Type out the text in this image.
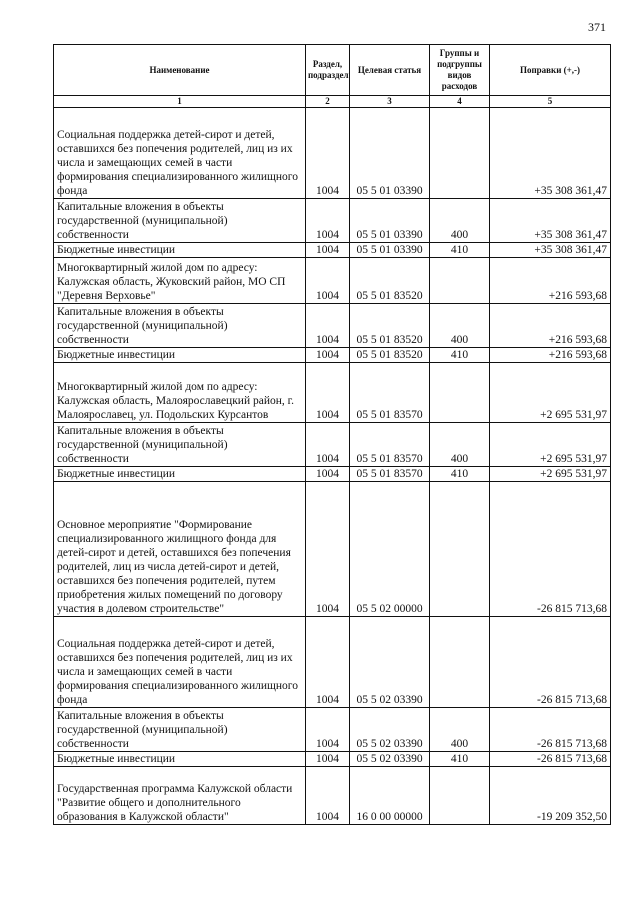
371
Наименование	Раздел, подраздел	Целевая статья	Группы и подгруппы видов расходов	Поправки (+,-)
1	2	3	4	5
Социальная поддержка детей-сирот и детей, оставшихся без попечения родителей, лиц из их числа и замещающих семей в части формирования специализированного жилищного фонда	1004	05 5 01 03390		+35 308 361,47
Капитальные вложения в объекты государственной (муниципальной) собственности	1004	05 5 01 03390	400	+35 308 361,47
Бюджетные инвестиции	1004	05 5 01 03390	410	+35 308 361,47
Многоквартирный жилой дом по адресу: Калужская область, Жуковский район, МО СП "Деревня Верховье"	1004	05 5 01 83520		+216 593,68
Капитальные вложения в объекты государственной (муниципальной) собственности	1004	05 5 01 83520	400	+216 593,68
Бюджетные инвестиции	1004	05 5 01 83520	410	+216 593,68
Многоквартирный жилой дом по адресу: Калужская область, Малоярославецкий район, г. Малоярославец, ул. Подольских Курсантов	1004	05 5 01 83570		+2 695 531,97
Капитальные вложения в объекты государственной (муниципальной) собственности	1004	05 5 01 83570	400	+2 695 531,97
Бюджетные инвестиции	1004	05 5 01 83570	410	+2 695 531,97
Основное мероприятие "Формирование специализированного жилищного фонда для детей-сирот и детей, оставшихся без попечения родителей, лиц из числа детей-сирот и детей, оставшихся без попечения родителей, путем приобретения жилых помещений по договору участия в долевом строительстве"	1004	05 5 02 00000		-26 815 713,68
Социальная поддержка детей-сирот и детей, оставшихся без попечения родителей, лиц из их числа и замещающих семей в части формирования специализированного жилищного фонда	1004	05 5 02 03390		-26 815 713,68
Капитальные вложения в объекты государственной (муниципальной) собственности	1004	05 5 02 03390	400	-26 815 713,68
Бюджетные инвестиции	1004	05 5 02 03390	410	-26 815 713,68
Государственная программа Калужской области "Развитие общего и дополнительного образования в Калужской области"	1004	16 0 00 00000		-19 209 352,50
